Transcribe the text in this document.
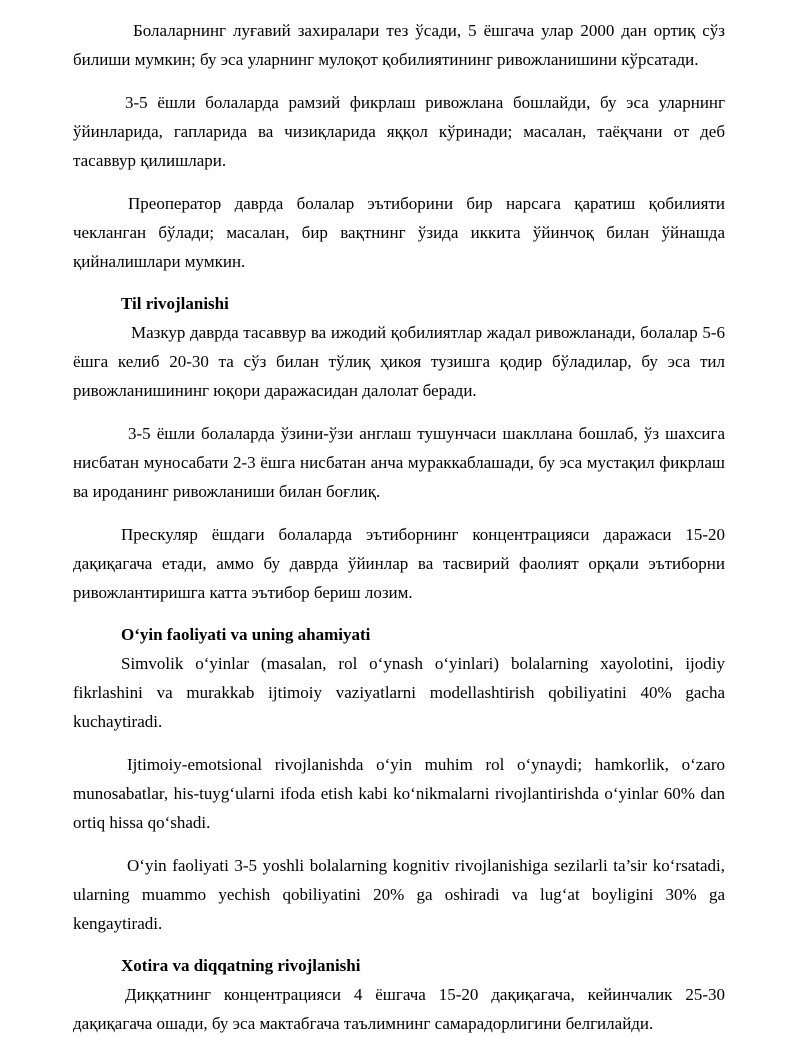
Болаларнинг луғавий захиралари тез ўсади, 5 ёшгача улар 2000 дан ортиқ сўз билиши мумкин; бу эса уларнинг мулоқот қобилиятининг ривожланишини кўрсатади.

3-5 ёшли болаларда рамзий фикрлаш ривожлана бошлайди, бу эса уларнинг ўйинларида, гапларида ва чизиқларида яққол кўринади; масалан, таёқчани от деб тасаввур қилишлари.

Преоператор даврда болалар эътиборини бир нарсага қаратиш қобилияти чекланган бўлади; масалан, бир вақтнинг ўзида иккита ўйинчоқ билан ўйнашда қийналишлари мумкин.

Til rivojlanishi

Мазкур даврда тасаввур ва ижодий қобилиятлар жадал ривожланади, болалар 5-6 ёшга келиб 20-30 та сўз билан тўлиқ ҳикоя тузишга қодир бўладилар, бу эса тил ривожланишининг юқори даражасидан далолат беради.

3-5 ёшли болаларда ўзини-ўзи англаш тушунчаси шакллана бошлаб, ўз шахсига нисбатан муносабати 2-3 ёшга нисбатан анча мураккаблашади, бу эса мустақил фикрлаш ва ироданинг ривожланиши билан боғлиқ.

Прескуляр ёшдаги болаларда эътиборнинг концентрацияси даражаси 15-20 дақиқагача етади, аммо бу даврда ўйинлар ва тасвирий фаолият орқали эътиборни ривожлантиришга катта эътибор бериш лозим.

O‘yin faoliyati va uning ahamiyati

Simvolik o‘yinlar (masalan, rol o‘ynash o‘yinlari) bolalarning xayolotini, ijodiy fikrlashini va murakkab ijtimoiy vaziyatlarni modellashtirish qobiliyatini 40% gacha kuchaytiradi.

Ijtimoiy-emotsional rivojlanishda o‘yin muhim rol o‘ynaydi; hamkorlik, o‘zaro munosabatlar, his-tuyg‘ularni ifoda etish kabi ko‘nikmalarni rivojlantirishda o‘yinlar 60% dan ortiq hissa qo‘shadi.

O‘yin faoliyati 3-5 yoshli bolalarning kognitiv rivojlanishiga sezilarli ta’sir ko‘rsatadi, ularning muammo yechish qobiliyatini 20% ga oshiradi va lug‘at boyligini 30% ga kengaytiradi.

Xotira va diqqatning rivojlanishi

Диққатнинг концентрацияси 4 ёшгача 15-20 дақиқагача, кейинчалик 25-30 дақиқагача ошади, бу эса мактабгача таълимнинг самарадорлигини белгилайди.
